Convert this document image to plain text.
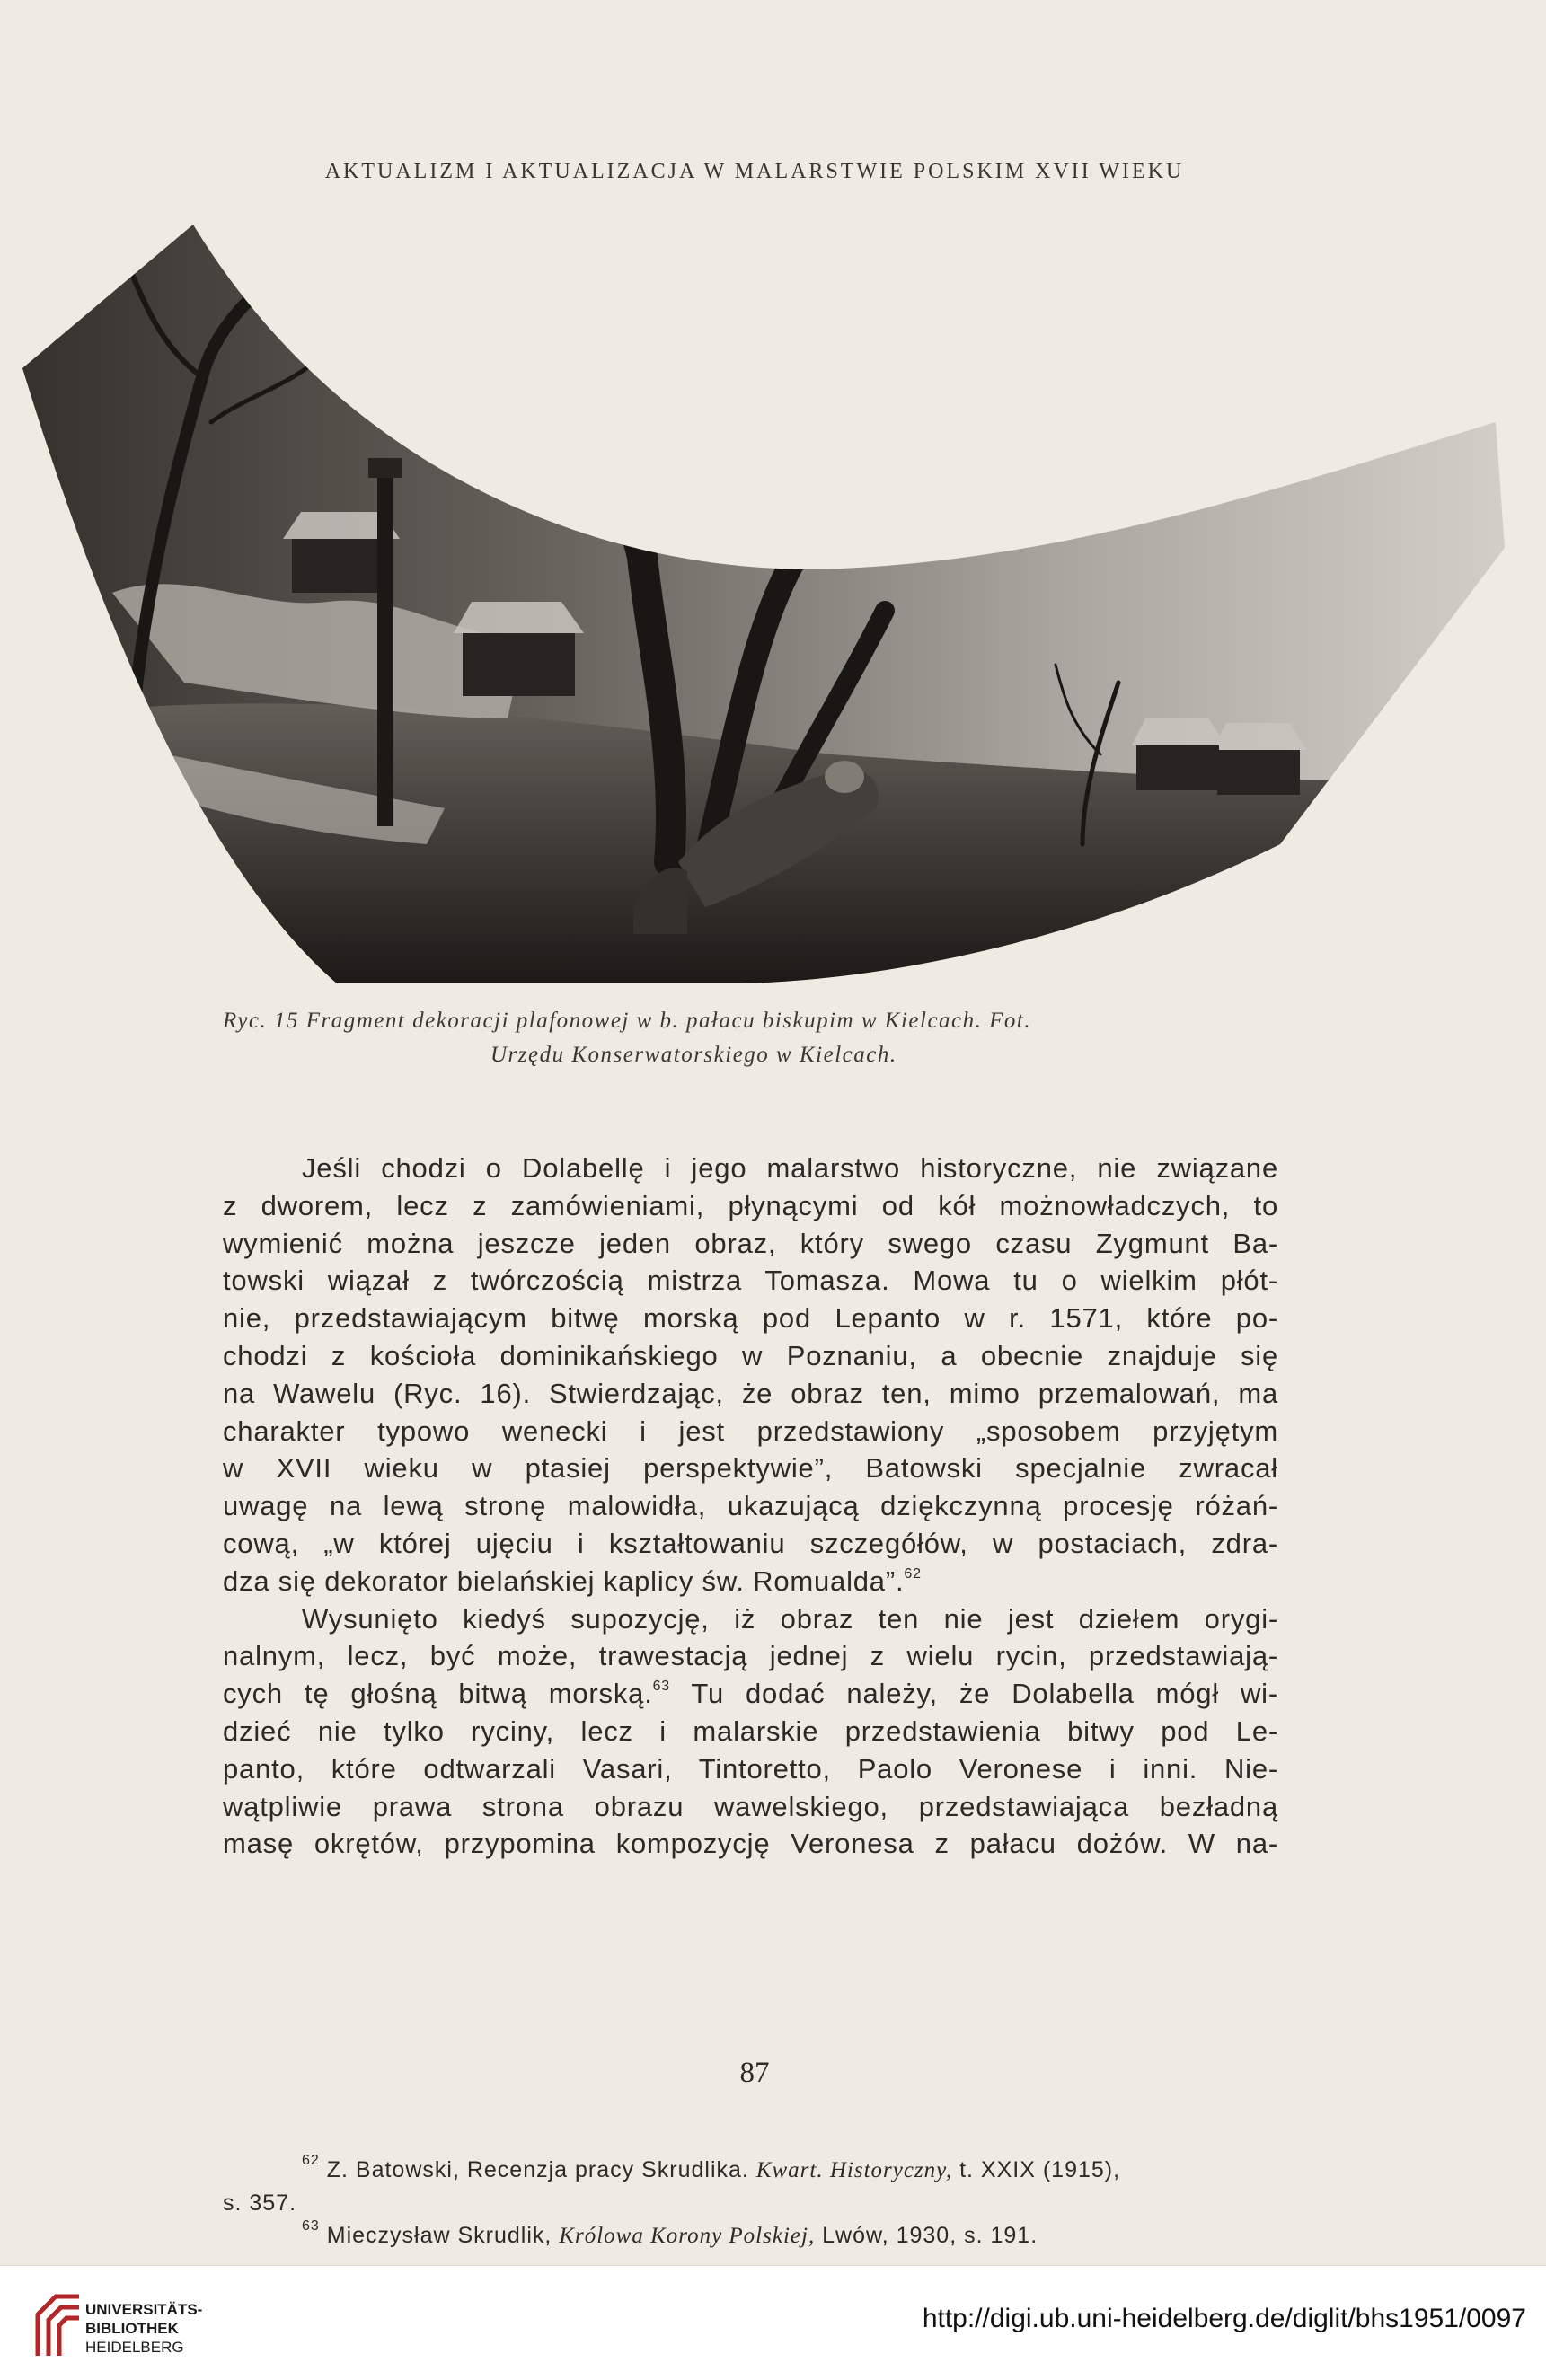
AKTUALIZM I AKTUALIZACJA W MALARSTWIE POLSKIM XVII WIEKU
Ryc. 15 Fragment dekoracji plafonowej w b. pałacu biskupim w Kielcach. Fot.
Urzędu Konserwatorskiego w Kielcach.
Jeśli chodzi o Dolabellę i jego malarstwo historyczne, nie związane
z dworem, lecz z zamówieniami, płynącymi od kół możnowładczych, to
wymienić można jeszcze jeden obraz, który swego czasu Zygmunt Ba-
towski wiązał z twórczością mistrza Tomasza. Mowa tu o wielkim płót-
nie, przedstawiającym bitwę morską pod Lepanto w r. 1571, które po-
chodzi z kościoła dominikańskiego w Poznaniu, a obecnie znajduje się
na Wawelu (Ryc. 16). Stwierdzając, że obraz ten, mimo przemalowań, ma
charakter typowo wenecki i jest przedstawiony „sposobem przyjętym
w XVII wieku w ptasiej perspektywie”, Batowski specjalnie zwracał
uwagę na lewą stronę malowidła, ukazującą dziękczynną procesję różań-
cową, „w której ujęciu i kształtowaniu szczegółów, w postaciach, zdra-
dza się dekorator bielańskiej kaplicy św. Romualda”.$^{62}$
Wysunięto kiedyś supozycję, iż obraz ten nie jest dziełem orygi-
nalnym, lecz, być może, trawestacją jednej z wielu rycin, przedstawiają-
cych tę głośną bitwą morską.$^{63}$ Tu dodać należy, że Dolabella mógł wi-
dzieć nie tylko ryciny, lecz i malarskie przedstawienia bitwy pod Le-
panto, które odtwarzali Vasari, Tintoretto, Paolo Veronese i inni. Nie-
wątpliwie prawa strona obrazu wawelskiego, przedstawiająca bezładną
masę okrętów, przypomina kompozycję Veronesa z pałacu dożów. W na-
87
$^{62}$ Z. Batowski, Recenzja pracy Skrudlika. Kwart. Historyczny, t. XXIX (1915),
s. 357.
$^{63}$ Mieczysław Skrudlik, Królowa Korony Polskiej, Lwów, 1930, s. 191.
UNIVERSITÄTS-
BIBLIOTHEK
HEIDELBERG
http://digi.ub.uni-heidelberg.de/diglit/bhs1951/0097
